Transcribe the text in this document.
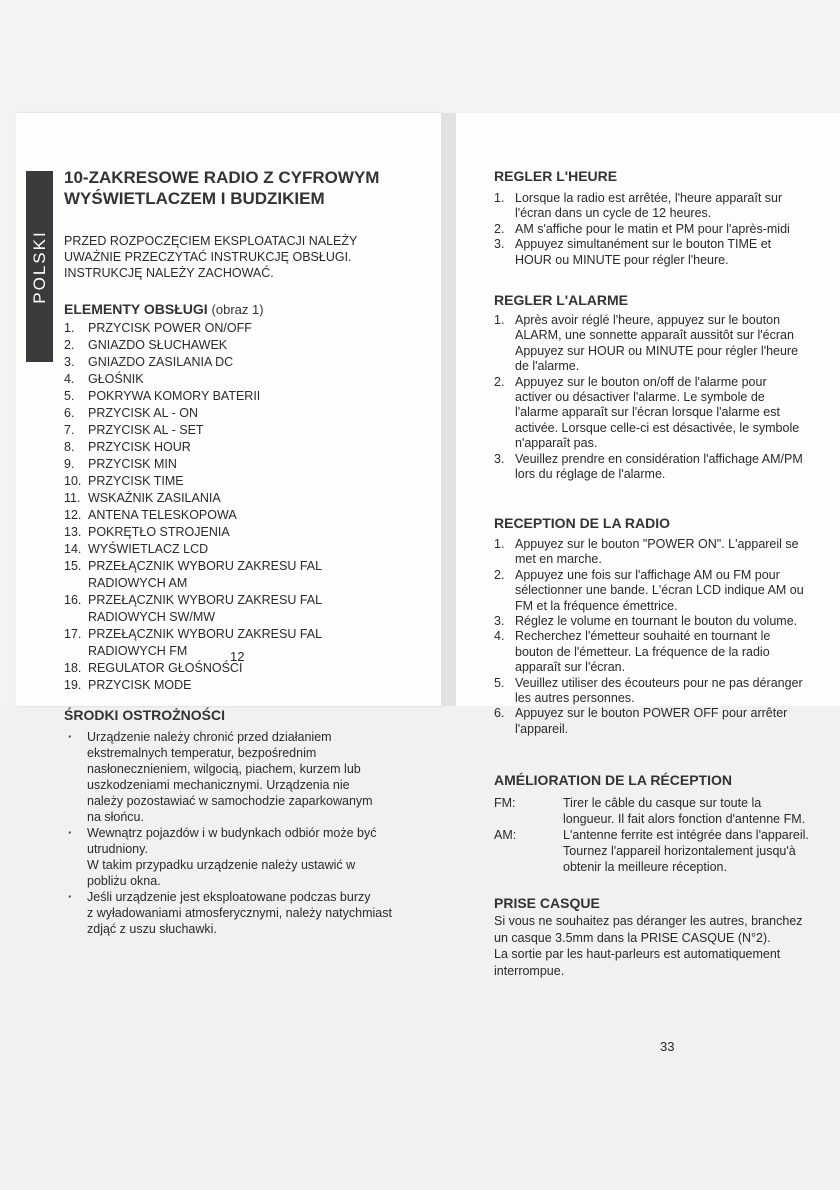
POLSKI
10-ZAKRESOWE RADIO Z CYFROWYM
WYŚWIETLACZEM I BUDZIKIEM
PRZED ROZPOCZĘCIEM EKSPLOATACJI NALEŻY
UWAŻNIE PRZECZYTAĆ INSTRUKCJĘ OBSŁUGI.
INSTRUKCJĘ NALEŻY ZACHOWAĆ.
ELEMENTY OBSŁUGI (obraz 1)
1. PRZYCISK POWER ON/OFF
2. GNIAZDO SŁUCHAWEK
3. GNIAZDO ZASILANIA DC
4. GŁOŚNIK
5. POKRYWA KOMORY BATERII
6. PRZYCISK AL - ON
7. PRZYCISK AL - SET
8. PRZYCISK HOUR
9. PRZYCISK MIN
10. PRZYCISK TIME
11. WSKAŹNIK ZASILANIA
12. ANTENA TELESKOPOWA
13. POKRĘTŁO STROJENIA
14. WYŚWIETLACZ LCD
15. PRZEŁĄCZNIK WYBORU ZAKRESU FAL
RADIOWYCH AM
16. PRZEŁĄCZNIK WYBORU ZAKRESU FAL
RADIOWYCH SW/MW
17. PRZEŁĄCZNIK WYBORU ZAKRESU FAL
RADIOWYCH FM
18. REGULATOR GŁOŚNOŚCI
19. PRZYCISK MODE
ŚRODKI OSTROŻNOŚCI
· Urządzenie należy chronić przed działaniem
ekstremalnych temperatur, bezpośrednim
nasłonecznieniem, wilgocią, piachem, kurzem lub
uszkodzeniami mechanicznymi. Urządzenia nie
należy pozostawiać w samochodzie zaparkowanym
na słońcu.
· Wewnątrz pojazdów i w budynkach odbiór może być
utrudniony.
W takim przypadku urządzenie należy ustawić w
pobliżu okna.
· Jeśli urządzenie jest eksploatowane podczas burzy
z wyładowaniami atmosferycznymi, należy natychmiast
zdjąć z uszu słuchawki.
12
REGLER L'HEURE
1. Lorsque la radio est arrêtée, l'heure apparaît sur
l'écran dans un cycle de 12 heures.
2. AM s'affiche pour le matin et PM pour l'après-midi
3. Appuyez simultanément sur le bouton TIME et
HOUR ou MINUTE pour régler l'heure.
REGLER L'ALARME
1. Après avoir réglé l'heure, appuyez sur le bouton
ALARM, une sonnette apparaît aussitôt sur l'écran
Appuyez sur HOUR ou MINUTE pour régler l'heure
de l'alarme.
2. Appuyez sur le bouton on/off de l'alarme pour
activer ou désactiver l'alarme. Le symbole de
l'alarme apparaît sur l'écran lorsque l'alarme est
activée. Lorsque celle-ci est désactivée, le symbole
n'apparaît pas.
3. Veuillez prendre en considération l'affichage AM/PM
lors du réglage de l'alarme.
RECEPTION DE LA RADIO
1. Appuyez sur le bouton "POWER ON". L'appareil se
met en marche.
2. Appuyez une fois sur l'affichage AM ou FM pour
sélectionner une bande. L'écran LCD indique AM ou
FM et la fréquence émettrice.
3. Réglez le volume en tournant le bouton du volume.
4. Recherchez l'émetteur souhaité en tournant le
bouton de l'émetteur. La fréquence de la radio
apparaît sur l'écran.
5. Veuillez utiliser des écouteurs pour ne pas déranger
les autres personnes.
6. Appuyez sur le bouton POWER OFF pour arrêter
l'appareil.
AMÉLIORATION DE LA RÉCEPTION
FM:	Tirer le câble du casque sur toute la
longueur. Il fait alors fonction d'antenne FM.
AM:	L'antenne ferrite est intégrée dans l'appareil.
Tournez l'appareil horizontalement jusqu'à
obtenir la meilleure réception.
PRISE CASQUE
Si vous ne souhaitez pas déranger les autres, branchez
un casque 3.5mm dans la PRISE CASQUE (N°2).
La sortie par les haut-parleurs est automatiquement
interrompue.
33
